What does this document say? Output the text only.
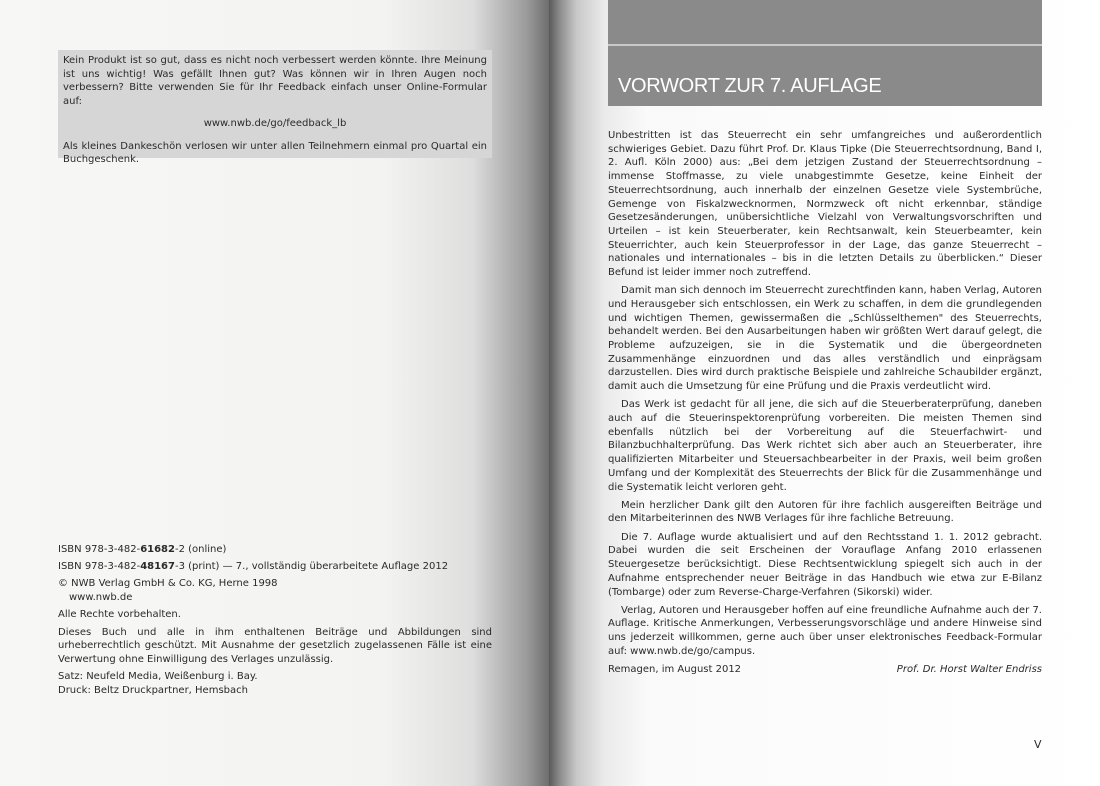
Kein Produkt ist so gut, dass es nicht noch verbessert werden könnte. Ihre Meinung ist uns wichtig! Was gefällt Ihnen gut? Was können wir in Ihren Augen noch verbessern? Bitte verwenden Sie für Ihr Feedback einfach unser Online-Formular auf:

www.nwb.de/go/feedback_lb

Als kleines Dankeschön verlosen wir unter allen Teilnehmern einmal pro Quartal ein Buchgeschenk.

ISBN 978-3-482-61682-2 (online)

ISBN 978-3-482-48167-3 (print) — 7., vollständig überarbeitete Auflage 2012

© NWB Verlag GmbH & Co. KG, Herne 1998

www.nwb.de

Alle Rechte vorbehalten.

Dieses Buch und alle in ihm enthaltenen Beiträge und Abbildungen sind urheberrechtlich geschützt. Mit Ausnahme der gesetzlich zugelassenen Fälle ist eine Verwertung ohne Einwilligung des Verlages unzulässig.

Satz: Neufeld Media, Weißenburg i. Bay.

Druck: Beltz Druckpartner, Hemsbach

VORWORT ZUR 7. AUFLAGE

Unbestritten ist das Steuerrecht ein sehr umfangreiches und außerordentlich schwieriges Gebiet. Dazu führt Prof. Dr. Klaus Tipke (Die Steuerrechtsordnung, Band I, 2. Aufl. Köln 2000) aus: „Bei dem jetzigen Zustand der Steuerrechtsordnung – immense Stoffmasse, zu viele unabgestimmte Gesetze, keine Einheit der Steuerrechtsordnung, auch innerhalb der einzelnen Gesetze viele Systembrüche, Gemenge von Fiskalzwecknormen, Normzweck oft nicht erkennbar, ständige Gesetzesänderungen, unübersichtliche Vielzahl von Verwaltungsvorschriften und Urteilen – ist kein Steuerberater, kein Rechtsanwalt, kein Steuerbeamter, kein Steuerrichter, auch kein Steuerprofessor in der Lage, das ganze Steuerrecht – nationales und internationales – bis in die letzten Details zu überblicken.“ Dieser Befund ist leider immer noch zutreffend.

Damit man sich dennoch im Steuerrecht zurechtfinden kann, haben Verlag, Autoren und Herausgeber sich entschlossen, ein Werk zu schaffen, in dem die grundlegenden und wichtigen Themen, gewissermaßen die „Schlüsselthemen" des Steuerrechts, behandelt werden. Bei den Ausarbeitungen haben wir größten Wert darauf gelegt, die Probleme aufzuzeigen, sie in die Systematik und die übergeordneten Zusammenhänge einzuordnen und das alles verständlich und einprägsam darzustellen. Dies wird durch praktische Beispiele und zahlreiche Schaubilder ergänzt, damit auch die Umsetzung für eine Prüfung und die Praxis verdeutlicht wird.

Das Werk ist gedacht für all jene, die sich auf die Steuerberaterprüfung, daneben auch auf die Steuerinspektorenprüfung vorbereiten. Die meisten Themen sind ebenfalls nützlich bei der Vorbereitung auf die Steuerfachwirt- und Bilanzbuchhalterprüfung. Das Werk richtet sich aber auch an Steuerberater, ihre qualifizierten Mitarbeiter und Steuersachbearbeiter in der Praxis, weil beim großen Umfang und der Komplexität des Steuerrechts der Blick für die Zusammenhänge und die Systematik leicht verloren geht.

Mein herzlicher Dank gilt den Autoren für ihre fachlich ausgereiften Beiträge und den Mitarbeiterinnen des NWB Verlages für ihre fachliche Betreuung.

Die 7. Auflage wurde aktualisiert und auf den Rechtsstand 1. 1. 2012 gebracht. Dabei wurden die seit Erscheinen der Vorauflage Anfang 2010 erlassenen Steuergesetze berücksichtigt. Diese Rechtsentwicklung spiegelt sich auch in der Aufnahme entsprechender neuer Beiträge in das Handbuch wie etwa zur E-Bilanz (Tombarge) oder zum Reverse-Charge-Verfahren (Sikorski) wider.

Verlag, Autoren und Herausgeber hoffen auf eine freundliche Aufnahme auch der 7. Auflage. Kritische Anmerkungen, Verbesserungsvorschläge und andere Hinweise sind uns jederzeit willkommen, gerne auch über unser elektronisches Feedback-Formular auf: www.nwb.de/go/campus.

Remagen, im August 2012	Prof. Dr. Horst Walter Endriss
V
